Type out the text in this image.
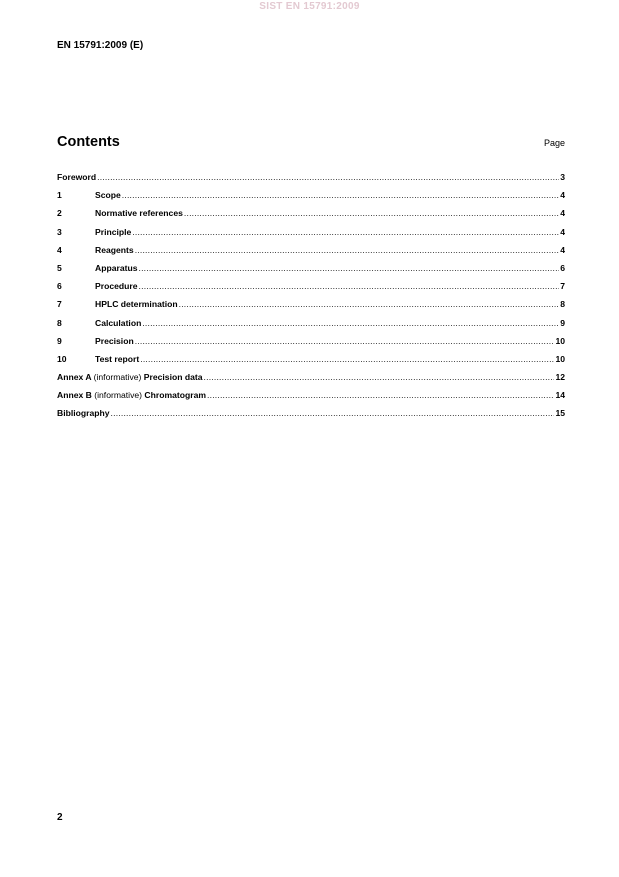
SIST EN 15791:2009
EN 15791:2009 (E)
Contents	Page
Foreword .....	3
1	Scope .....	4
2	Normative references .....	4
3	Principle .....	4
4	Reagents .....	4
5	Apparatus .....	6
6	Procedure .....	7
7	HPLC determination .....	8
8	Calculation .....	9
9	Precision .....	10
10	Test report .....	10
Annex A (informative) Precision data .....	12
Annex B (informative) Chromatogram .....	14
Bibliography .....	15
2
